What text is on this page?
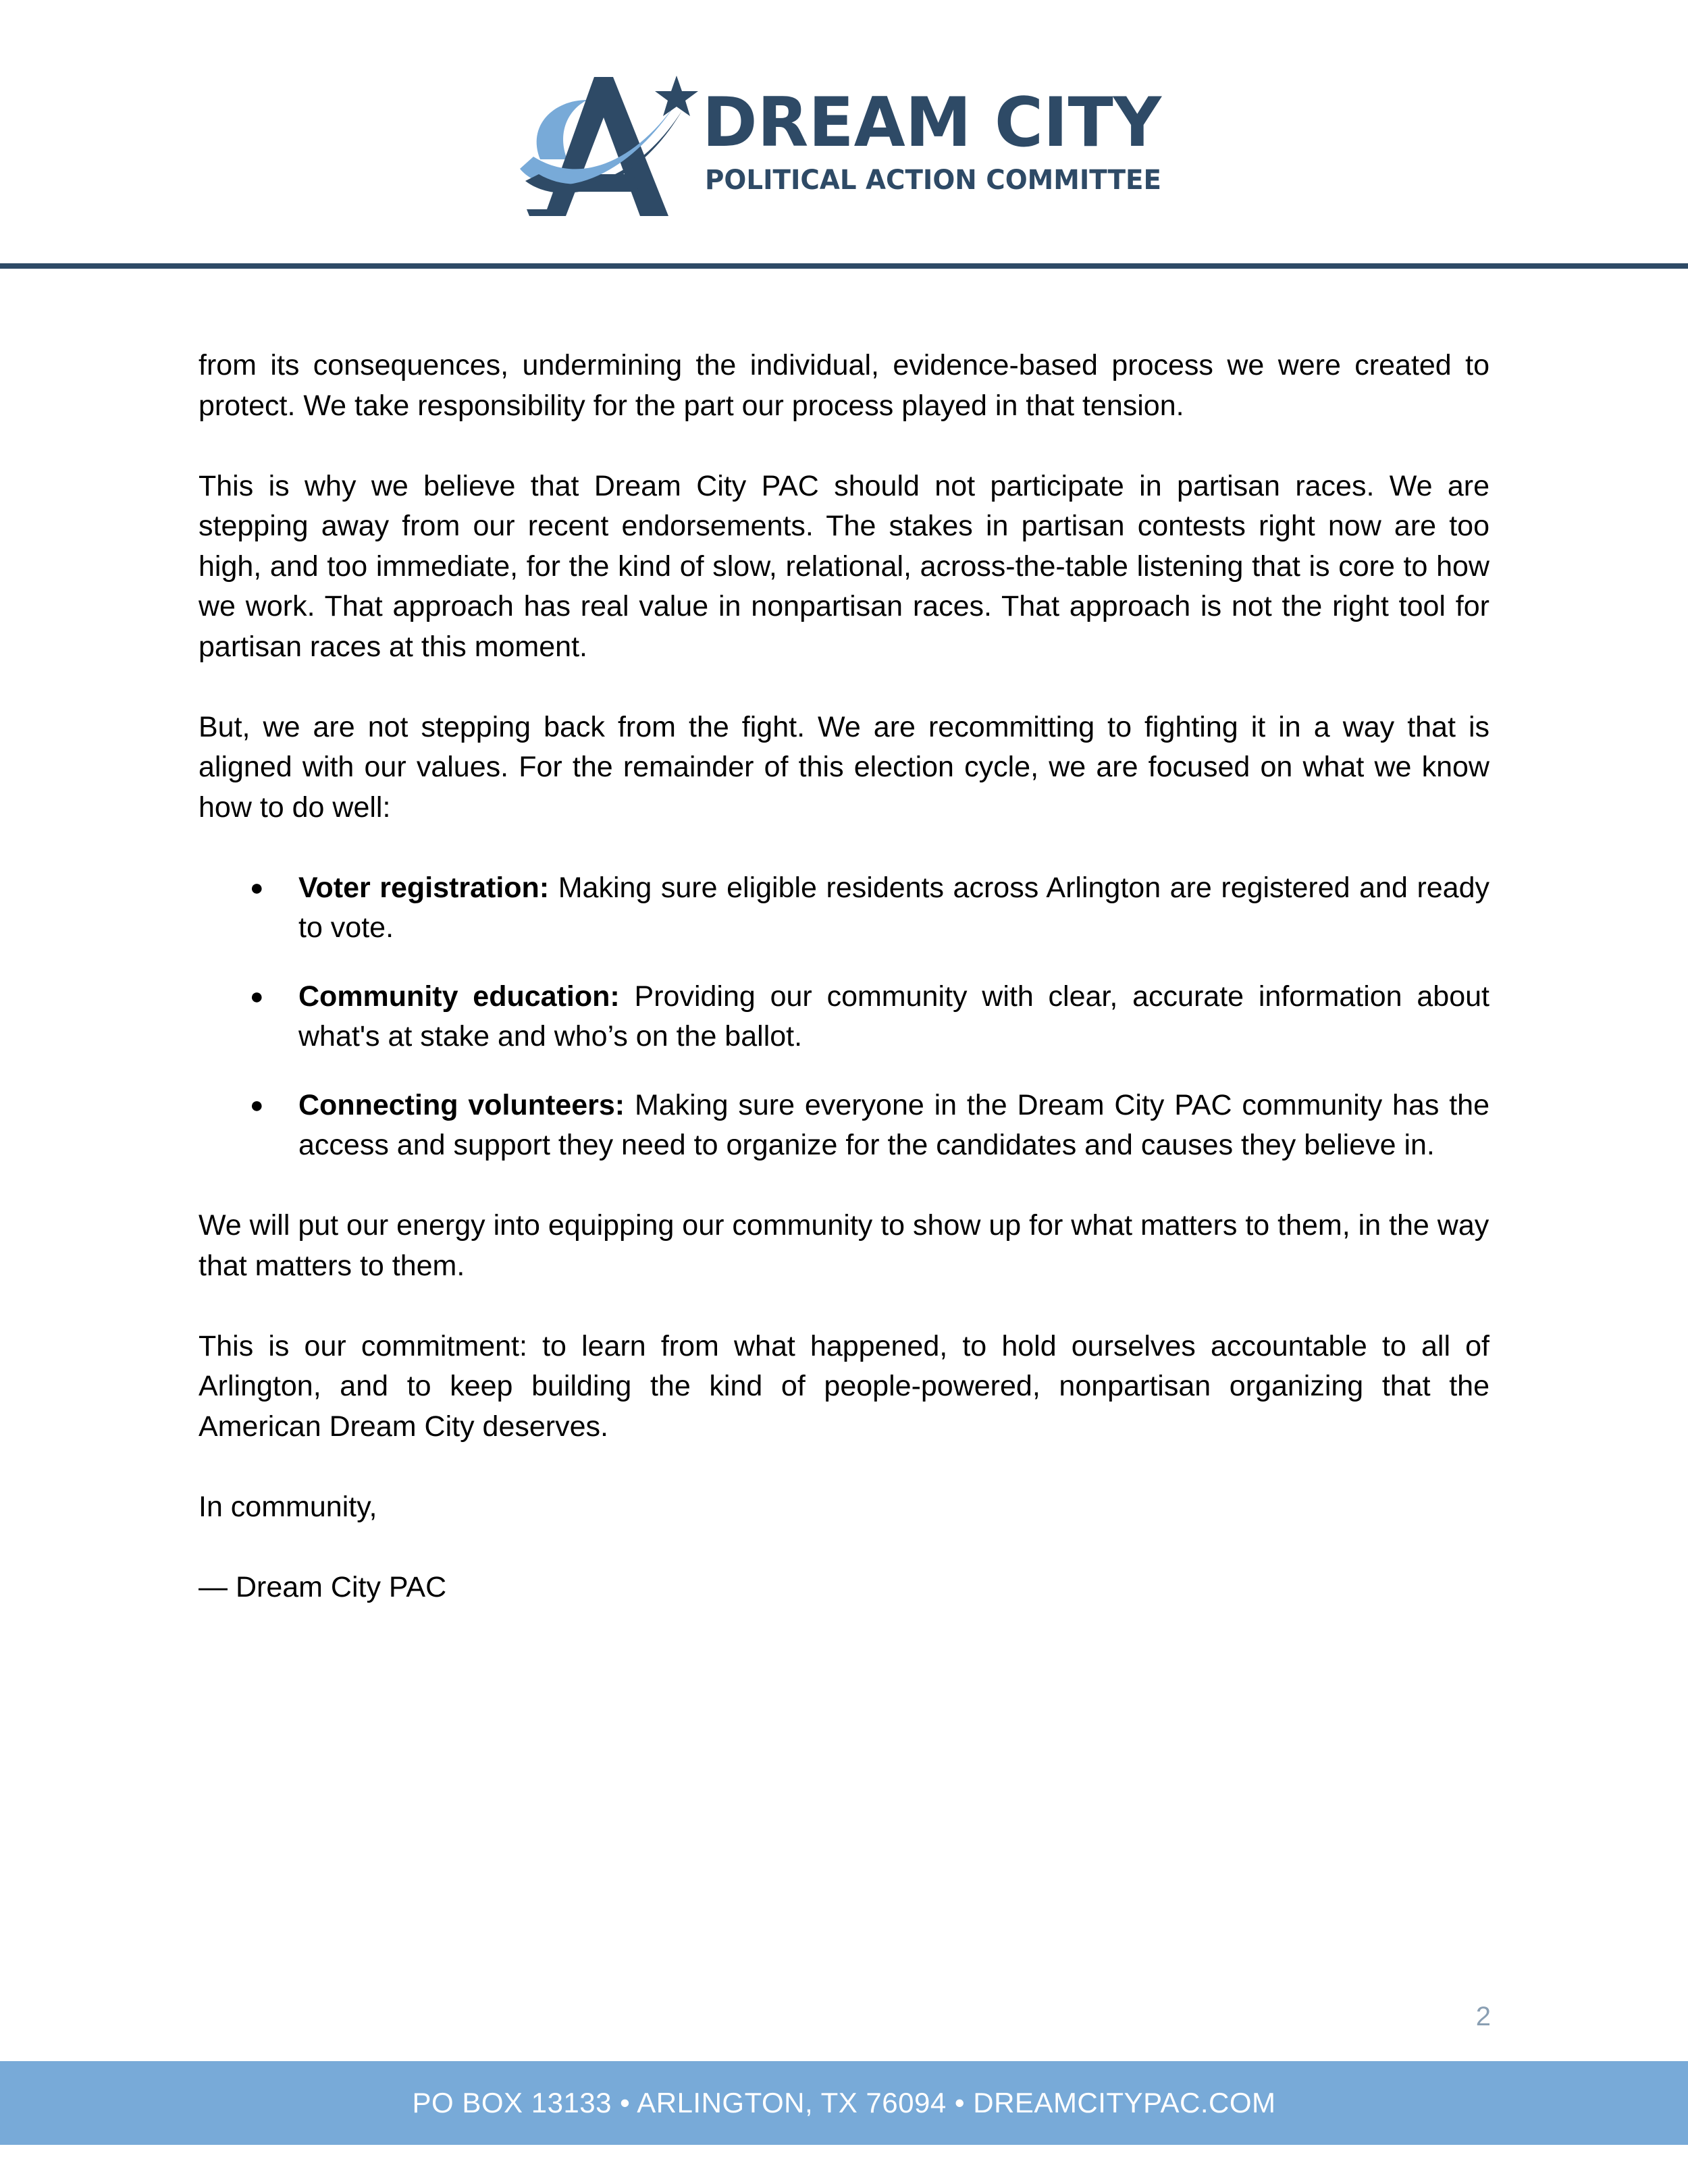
DREAM CITY
POLITICAL ACTION COMMITTEE

from its consequences, undermining the individual, evidence-based process we were created to protect. We take responsibility for the part our process played in that tension.

This is why we believe that Dream City PAC should not participate in partisan races. We are stepping away from our recent endorsements. The stakes in partisan contests right now are too high, and too immediate, for the kind of slow, relational, across-the-table listening that is core to how we work. That approach has real value in nonpartisan races. That approach is not the right tool for partisan races at this moment.

But, we are not stepping back from the fight. We are recommitting to fighting it in a way that is aligned with our values. For the remainder of this election cycle, we are focused on what we know how to do well:

● Voter registration: Making sure eligible residents across Arlington are registered and ready to vote.
● Community education: Providing our community with clear, accurate information about what's at stake and who’s on the ballot.
● Connecting volunteers: Making sure everyone in the Dream City PAC community has the access and support they need to organize for the candidates and causes they believe in.

We will put our energy into equipping our community to show up for what matters to them, in the way that matters to them.

This is our commitment: to learn from what happened, to hold ourselves accountable to all of Arlington, and to keep building the kind of people-powered, nonpartisan organizing that the American Dream City deserves.

In community,

— Dream City PAC

2
PO BOX 13133 • ARLINGTON, TX 76094 • DREAMCITYPAC.COM
